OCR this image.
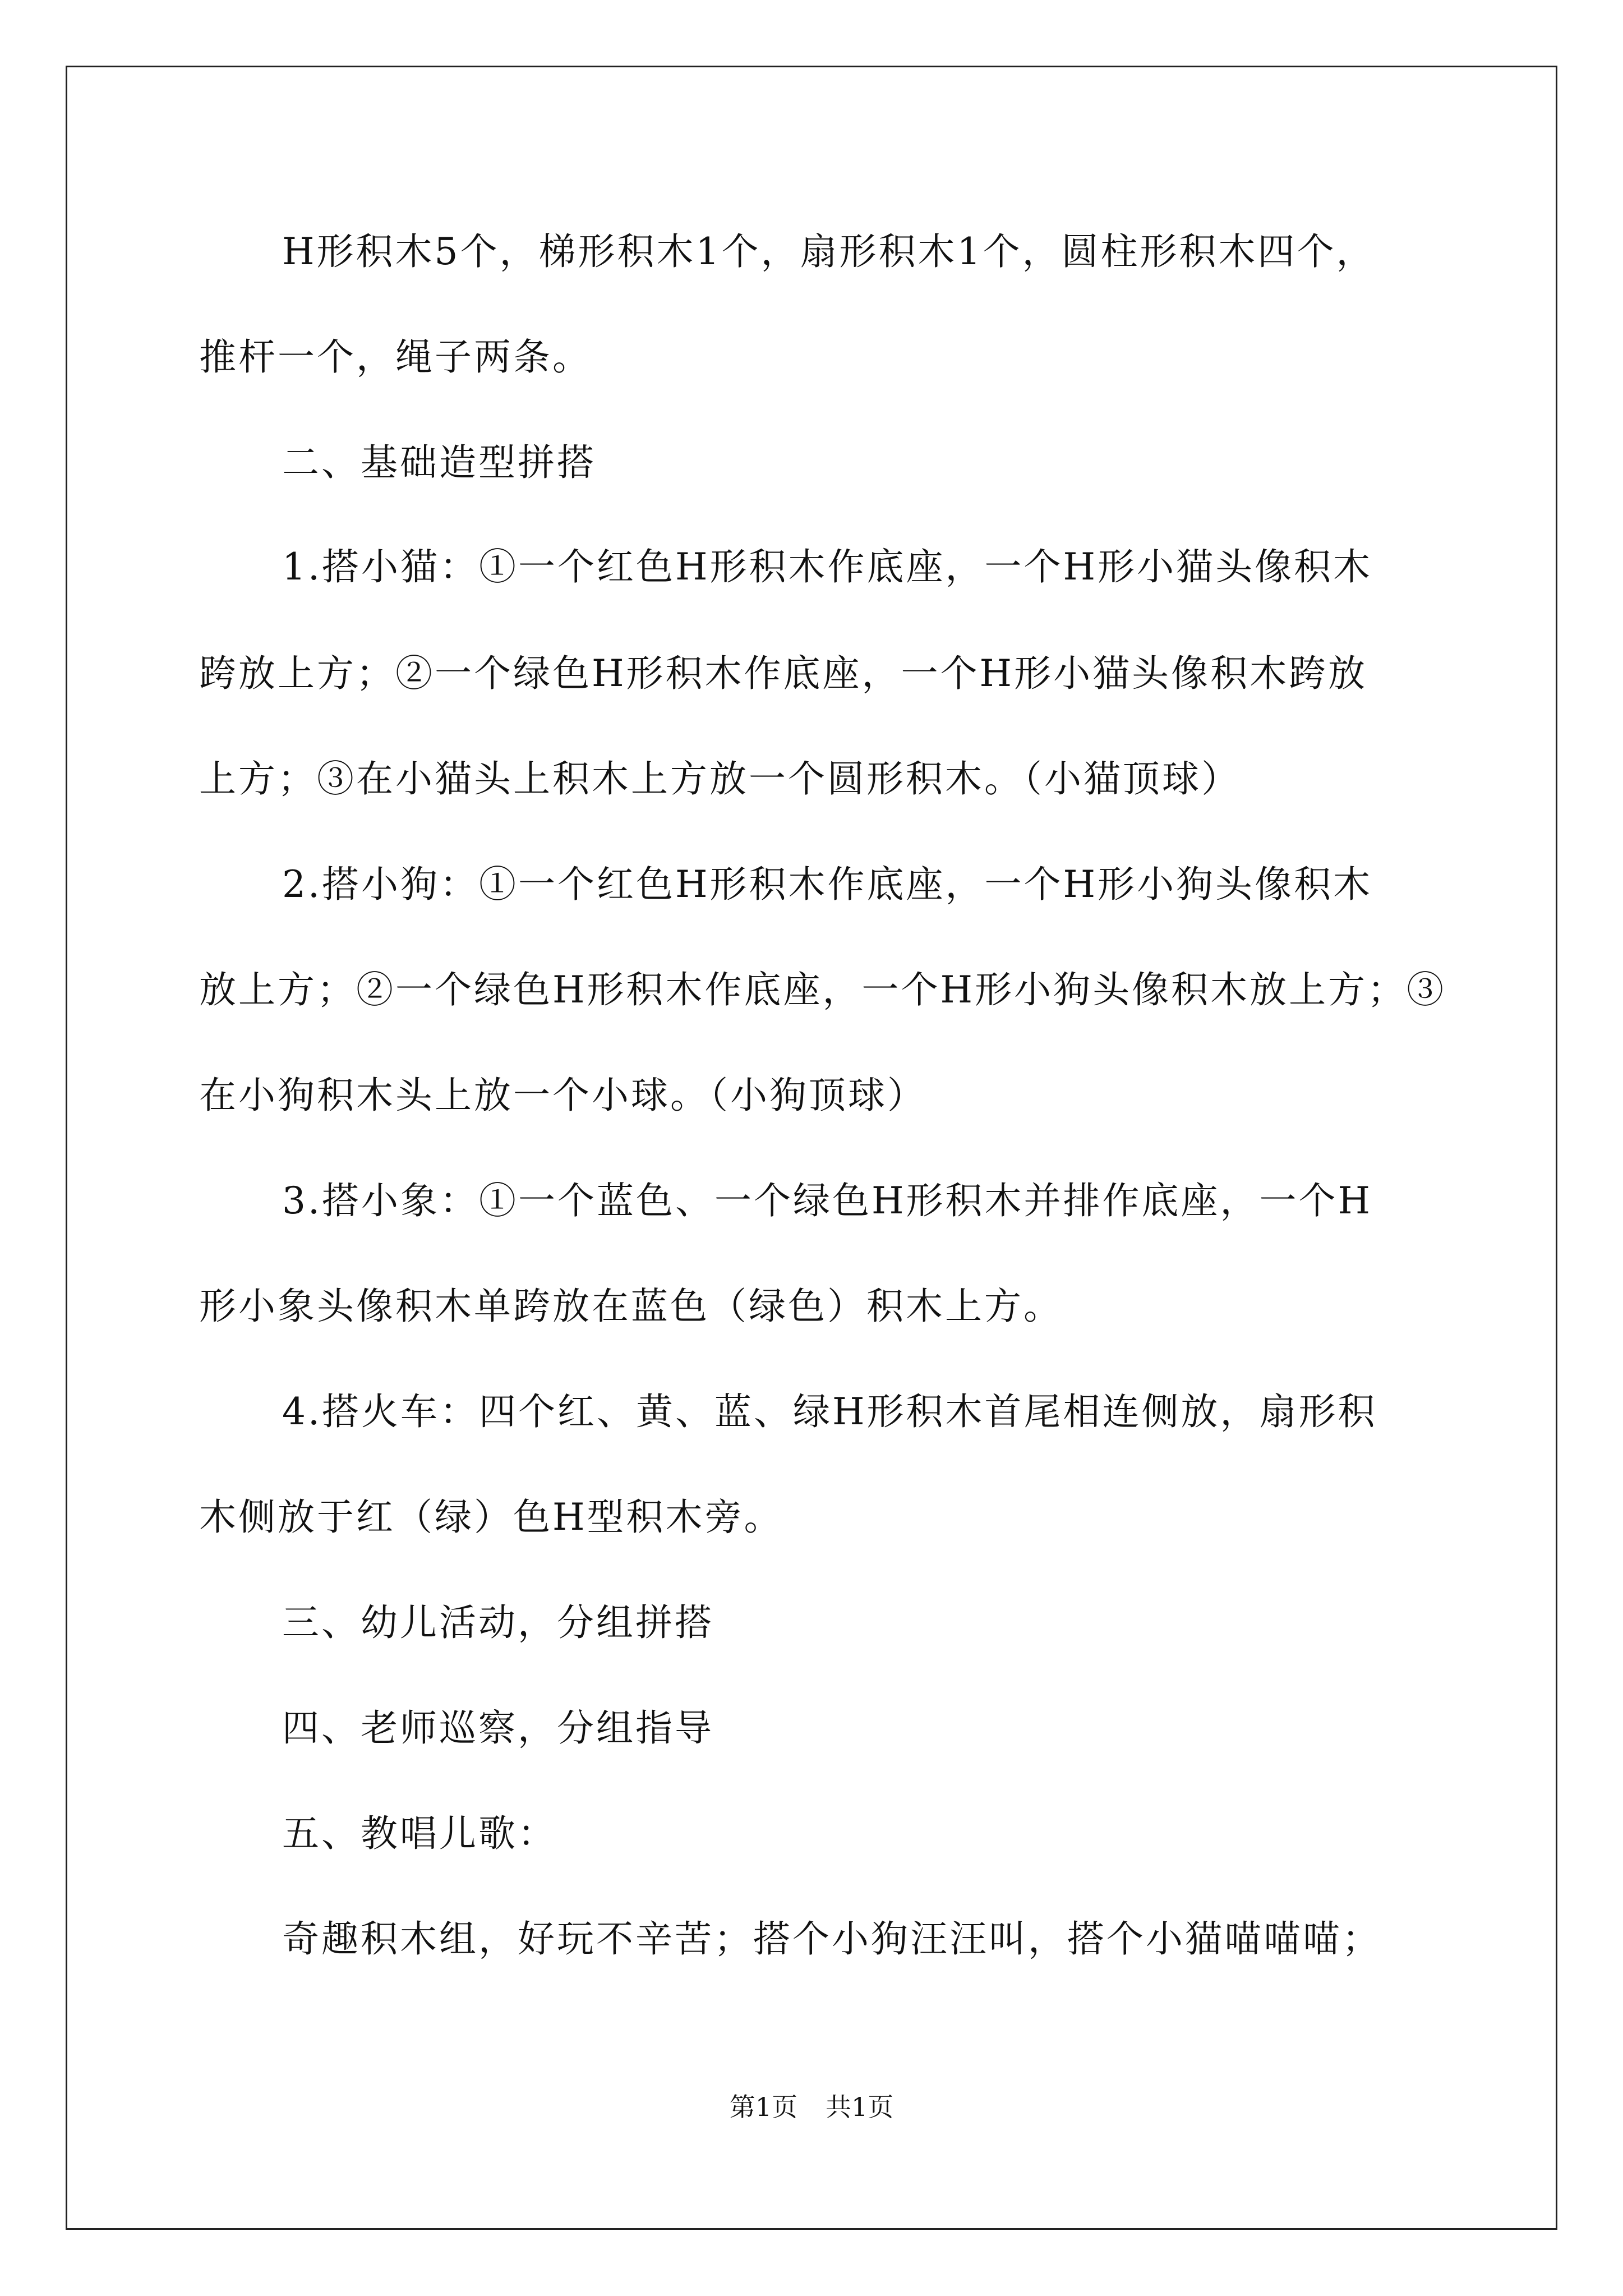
H形积木5个，梯形积木1个，扇形积木1个，圆柱形积木四个，
推杆一个，绳子两条。
二、基础造型拼搭
1.搭小猫：①一个红色H形积木作底座，一个H形小猫头像积木
跨放上方；②一个绿色H形积木作底座，一个H形小猫头像积木跨放
上方；③在小猫头上积木上方放一个圆形积木。（小猫顶球）
2.搭小狗：①一个红色H形积木作底座，一个H形小狗头像积木
放上方；②一个绿色H形积木作底座，一个H形小狗头像积木放上方；③
在小狗积木头上放一个小球。（小狗顶球）
3.搭小象：①一个蓝色、一个绿色H形积木并排作底座，一个H
形小象头像积木单跨放在蓝色（绿色）积木上方。
4.搭火车：四个红、黄、蓝、绿H形积木首尾相连侧放，扇形积
木侧放于红（绿）色H型积木旁。
三、幼儿活动，分组拼搭
四、老师巡察，分组指导
五、教唱儿歌：
奇趣积木组，好玩不辛苦；搭个小狗汪汪叫，搭个小猫喵喵喵；
第1页 共1页
